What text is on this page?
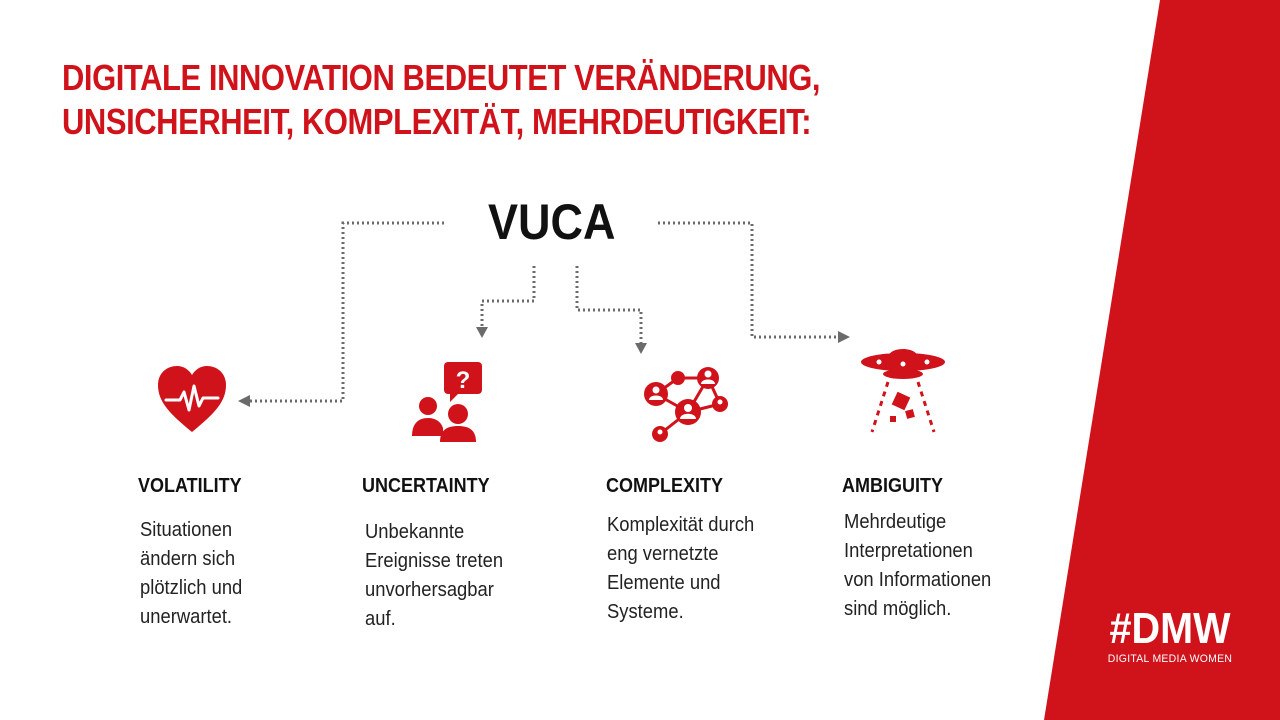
DIGITALE INNOVATION BEDEUTET VERÄNDERUNG,
UNSICHERHEIT, KOMPLEXITÄT, MEHRDEUTIGKEIT:
VUCA
?
VOLATILITY	UNCERTAINTY	COMPLEXITY	AMBIGUITY
Situationen
ändern sich
plötzlich und
unerwartet.
Unbekannte
Ereignisse treten
unvorhersagbar
auf.
Komplexität durch
eng vernetzte
Elemente und
Systeme.
Mehrdeutige
Interpretationen
von Informationen
sind möglich.	#DMW
DIGITAL MEDIA WOMEN
